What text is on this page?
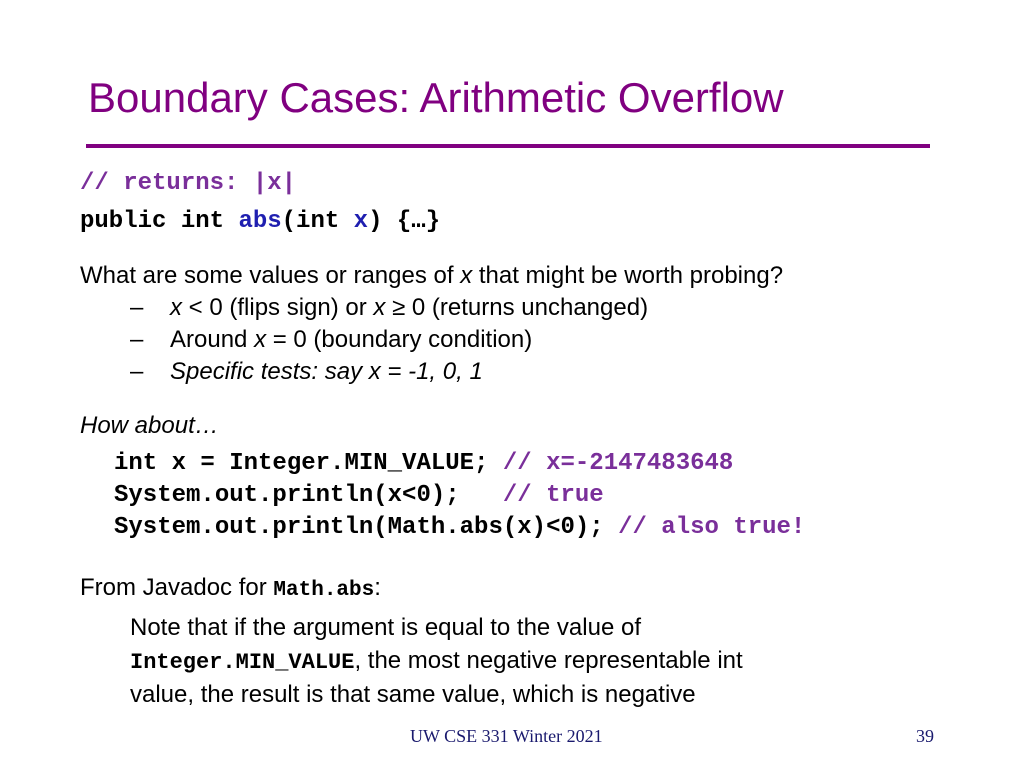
Boundary Cases: Arithmetic Overflow
// returns: |x|
public int abs(int x) {…}
What are some values or ranges of x that might be worth probing?
– x < 0 (flips sign) or x ≥ 0 (returns unchanged)
– Around x = 0 (boundary condition)
– Specific tests: say x = -1, 0, 1
How about…
int x = Integer.MIN_VALUE; // x=-2147483648
System.out.println(x<0);   // true
System.out.println(Math.abs(x)<0); // also true!
From Javadoc for Math.abs:
Note that if the argument is equal to the value of
Integer.MIN_VALUE, the most negative representable int
value, the result is that same value, which is negative
UW CSE 331 Winter 2021	39
